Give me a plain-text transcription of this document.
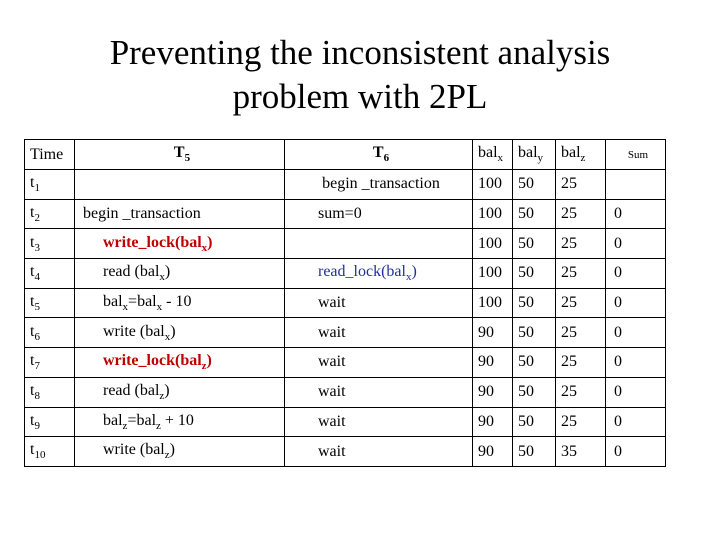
Preventing the inconsistent analysis
problem with 2PL
Time	$T_5$	$T_6$	bal$_x$	bal$_y$	bal$_z$	Sum
$t_1$		begin _transaction	100	50	25	
$t_2$	begin _transaction	sum=0	100	50	25	0
$t_3$	write_lock(bal$_x$)		100	50	25	0
$t_4$	read (bal$_x$)	read_lock(bal$_x$)	100	50	25	0
$t_5$	bal$_x$=bal$_x$ - 10	wait	100	50	25	0
$t_6$	write (bal$_x$)	wait	90	50	25	0
$t_7$	write_lock(bal$_z$)	wait	90	50	25	0
$t_8$	read (bal$_z$)	wait	90	50	25	0
$t_9$	bal$_z$=bal$_z$ + 10	wait	90	50	25	0
$t_{10}$	write (bal$_z$)	wait	90	50	35	0
